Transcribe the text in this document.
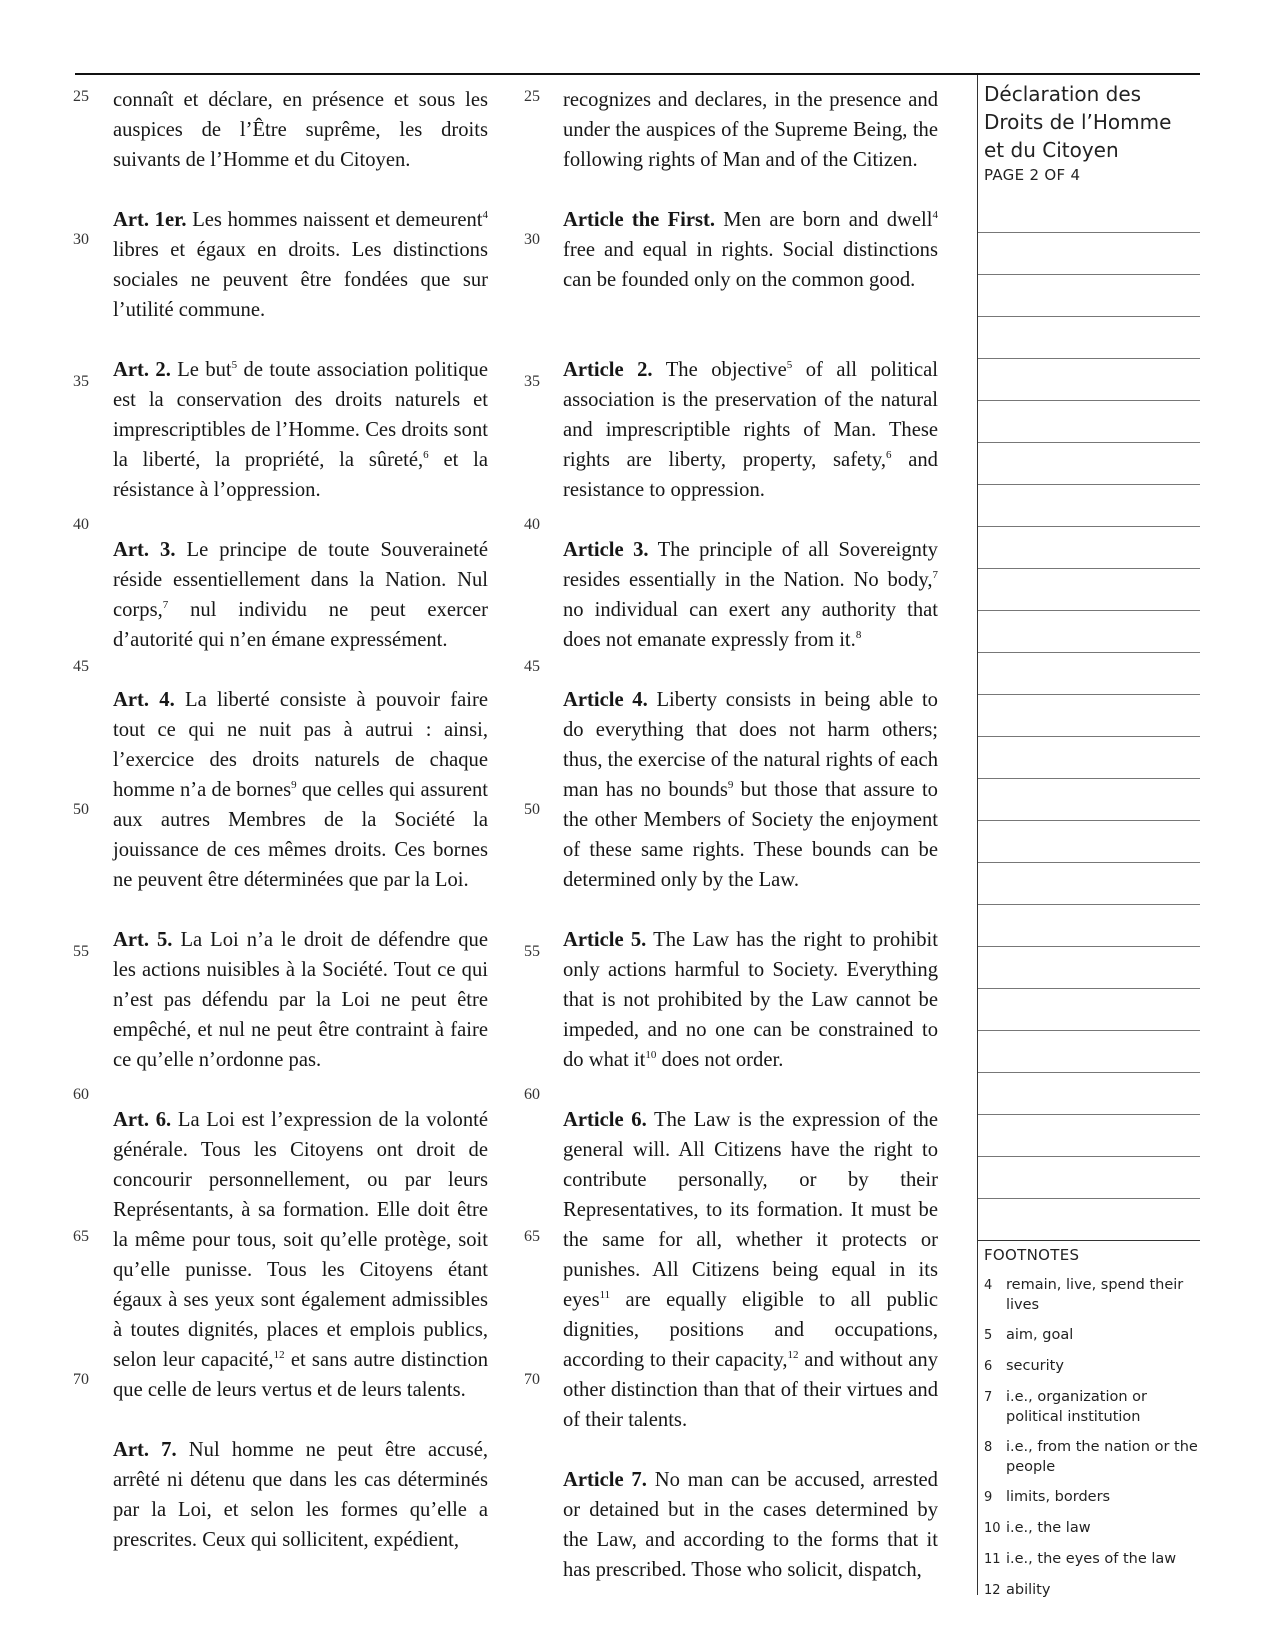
25
30
35
40
45
50
55
60
65
70
25
30
35
40
45
50
55
60
65
70

connaît et déclare, en présence et sous les auspices de l’Être suprême, les droits suivants de l’Homme et du Citoyen.

Art. 1er. Les hommes naissent et demeurent$^4$ libres et égaux en droits. Les distinctions sociales ne peuvent être fondées que sur l’utilité commune.

Art. 2. Le but$^5$ de toute association politique est la conservation des droits naturels et imprescriptibles de l’Homme. Ces droits sont la liberté, la propriété, la sûreté,$^6$ et la résistance à l’oppression.

Art. 3. Le principe de toute Souveraineté réside essentiellement dans la Nation. Nul corps,$^7$ nul individu ne peut exercer d’autorité qui n’en émane expressément.

Art. 4. La liberté consiste à pouvoir faire tout ce qui ne nuit pas à autrui : ainsi, l’exercice des droits naturels de chaque homme n’a de bornes$^9$ que celles qui assurent aux autres Membres de la Société la jouissance de ces mêmes droits. Ces bornes ne peuvent être déterminées que par la Loi.

Art. 5. La Loi n’a le droit de défendre que les actions nuisibles à la Société. Tout ce qui n’est pas défendu par la Loi ne peut être empêché, et nul ne peut être contraint à faire ce qu’elle n’ordonne pas.

Art. 6. La Loi est l’expression de la volonté générale. Tous les Citoyens ont droit de concourir personnellement, ou par leurs Représentants, à sa formation. Elle doit être la même pour tous, soit qu’elle protège, soit qu’elle punisse. Tous les Citoyens étant égaux à ses yeux sont également admissibles à toutes dignités, places et emplois publics, selon leur capacité,$^{12}$ et sans autre distinction que celle de leurs vertus et de leurs talents.

Art. 7. Nul homme ne peut être accusé, arrêté ni détenu que dans les cas déterminés par la Loi, et selon les formes qu’elle a prescrites. Ceux qui sollicitent, expédient,

recognizes and declares, in the presence and under the auspices of the Supreme Being, the following rights of Man and of the Citizen.

Article the First. Men are born and dwell$^4$ free and equal in rights. Social distinctions can be founded only on the common good.

Article 2. The objective$^5$ of all political association is the preservation of the natural and imprescriptible rights of Man. These rights are liberty, property, safety,$^6$ and resistance to oppression.

Article 3. The principle of all Sovereignty resides essentially in the Nation. No body,$^7$ no individual can exert any authority that does not emanate expressly from it.$^8$

Article 4. Liberty consists in being able to do everything that does not harm others; thus, the exercise of the natural rights of each man has no bounds$^9$ but those that assure to the other Members of Society the enjoyment of these same rights. These bounds can be determined only by the Law.

Article 5. The Law has the right to prohibit only actions harmful to Society. Everything that is not prohibited by the Law cannot be impeded, and no one can be constrained to do what $it^{10}$ does not order.

Article 6. The Law is the expression of the general will. All Citizens have the right to contribute personally, or by their Representatives, to its formation. It must be the same for all, whether it protects or punishes. All Citizens being equal in its eyes$^{11}$ are equally eligible to all public dignities, positions and occupations, according to their capacity,$^{12}$ and without any other distinction than that of their virtues and of their talents.

Article 7. No man can be accused, arrested or detained but in the cases determined by the Law, and according to the forms that it has prescribed. Those who solicit, dispatch,

Déclaration des Droits de l’Homme et du Citoyen
PAGE 2 OF 4
FOOTNOTES
4 remain, live, spend their lives
5 aim, goal
6 security
7 i.e., organization or political institution
8 i.e., from the nation or the people
9 limits, borders
10 i.e., the law
11 i.e., the eyes of the law
12 ability
